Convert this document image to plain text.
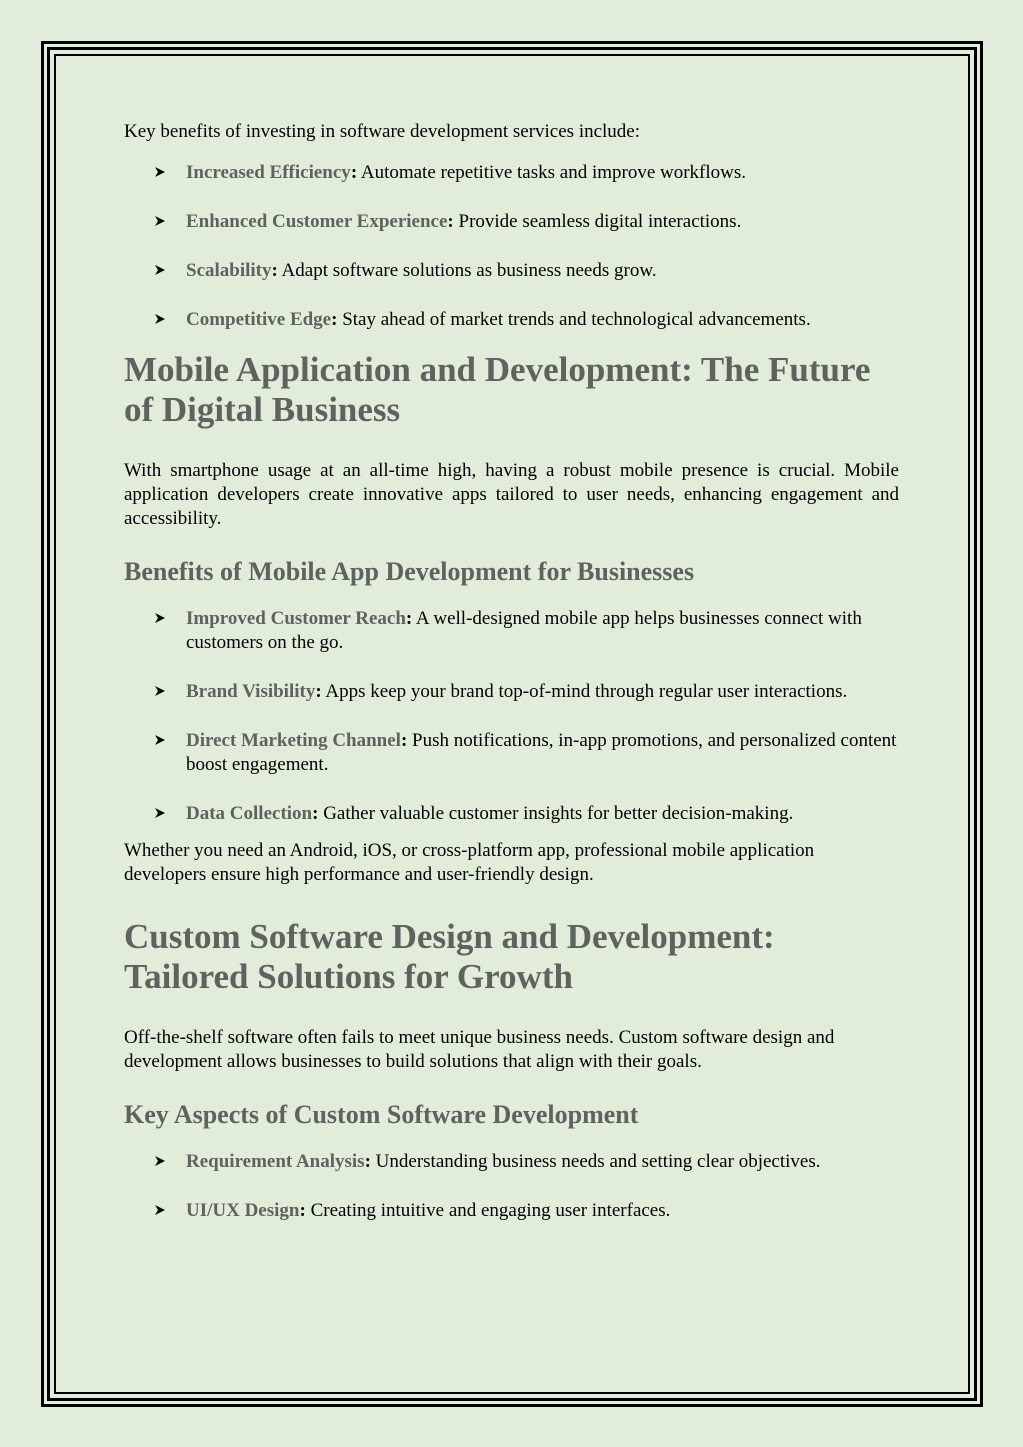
Key benefits of investing in software development services include:

Increased Efficiency: Automate repetitive tasks and improve workflows.
Enhanced Customer Experience: Provide seamless digital interactions.
Scalability: Adapt software solutions as business needs grow.
Competitive Edge: Stay ahead of market trends and technological advancements.
Mobile Application and Development: The Future of Digital Business

With smartphone usage at an all-time high, having a robust mobile presence is crucial. Mobile application developers create innovative apps tailored to user needs, enhancing engagement and accessibility.

Benefits of Mobile App Development for Businesses
Improved Customer Reach: A well-designed mobile app helps businesses connect with customers on the go.
Brand Visibility: Apps keep your brand top-of-mind through regular user interactions.
Direct Marketing Channel: Push notifications, in-app promotions, and personalized content boost engagement.
Data Collection: Gather valuable customer insights for better decision-making.

Whether you need an Android, iOS, or cross-platform app, professional mobile application developers ensure high performance and user-friendly design.

Custom Software Design and Development: Tailored Solutions for Growth

Off-the-shelf software often fails to meet unique business needs. Custom software design and development allows businesses to build solutions that align with their goals.

Key Aspects of Custom Software Development
Requirement Analysis: Understanding business needs and setting clear objectives.
UI/UX Design: Creating intuitive and engaging user interfaces.
